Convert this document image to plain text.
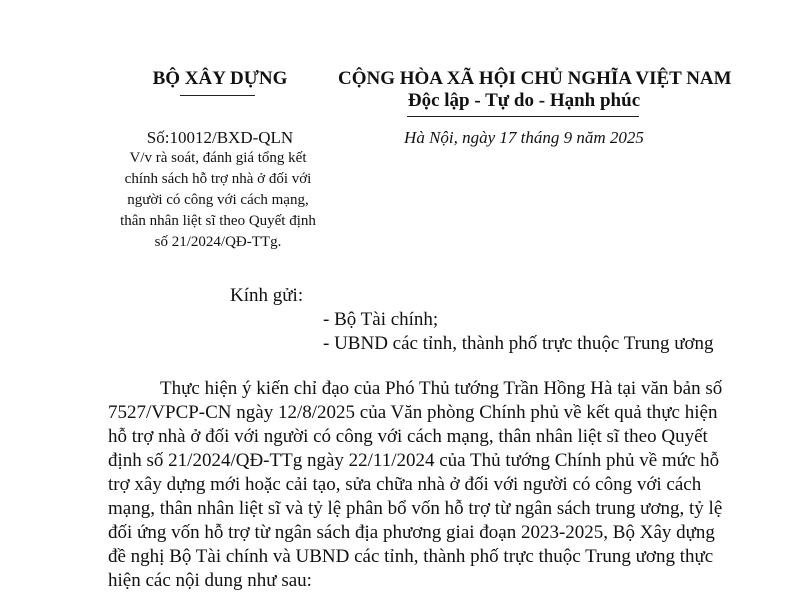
BỘ XÂY DỰNG	CỘNG HÒA XÃ HỘI CHỦ NGHĨA VIỆT NAM
Độc lập - Tự do - Hạnh phúc
Số:10012/BXD-QLN	Hà Nội, ngày 17 tháng 9 năm 2025
V/v rà soát, đánh giá tổng kết
chính sách hỗ trợ nhà ở đối với
người có công với cách mạng,
thân nhân liệt sĩ theo Quyết định
số 21/2024/QĐ-TTg.
Kính gửi:
- Bộ Tài chính;
- UBND các tỉnh, thành phố trực thuộc Trung ương
Thực hiện ý kiến chỉ đạo của Phó Thủ tướng Trần Hồng Hà tại văn bản số
7527/VPCP-CN ngày 12/8/2025 của Văn phòng Chính phủ về kết quả thực hiện
hỗ trợ nhà ở đối với người có công với cách mạng, thân nhân liệt sĩ theo Quyết
định số 21/2024/QĐ-TTg ngày 22/11/2024 của Thủ tướng Chính phủ về mức hỗ
trợ xây dựng mới hoặc cải tạo, sửa chữa nhà ở đối với người có công với cách
mạng, thân nhân liệt sĩ và tỷ lệ phân bổ vốn hỗ trợ từ ngân sách trung ương, tỷ lệ
đối ứng vốn hỗ trợ từ ngân sách địa phương giai đoạn 2023-2025, Bộ Xây dựng
đề nghị Bộ Tài chính và UBND các tỉnh, thành phố trực thuộc Trung ương thực
hiện các nội dung như sau:
